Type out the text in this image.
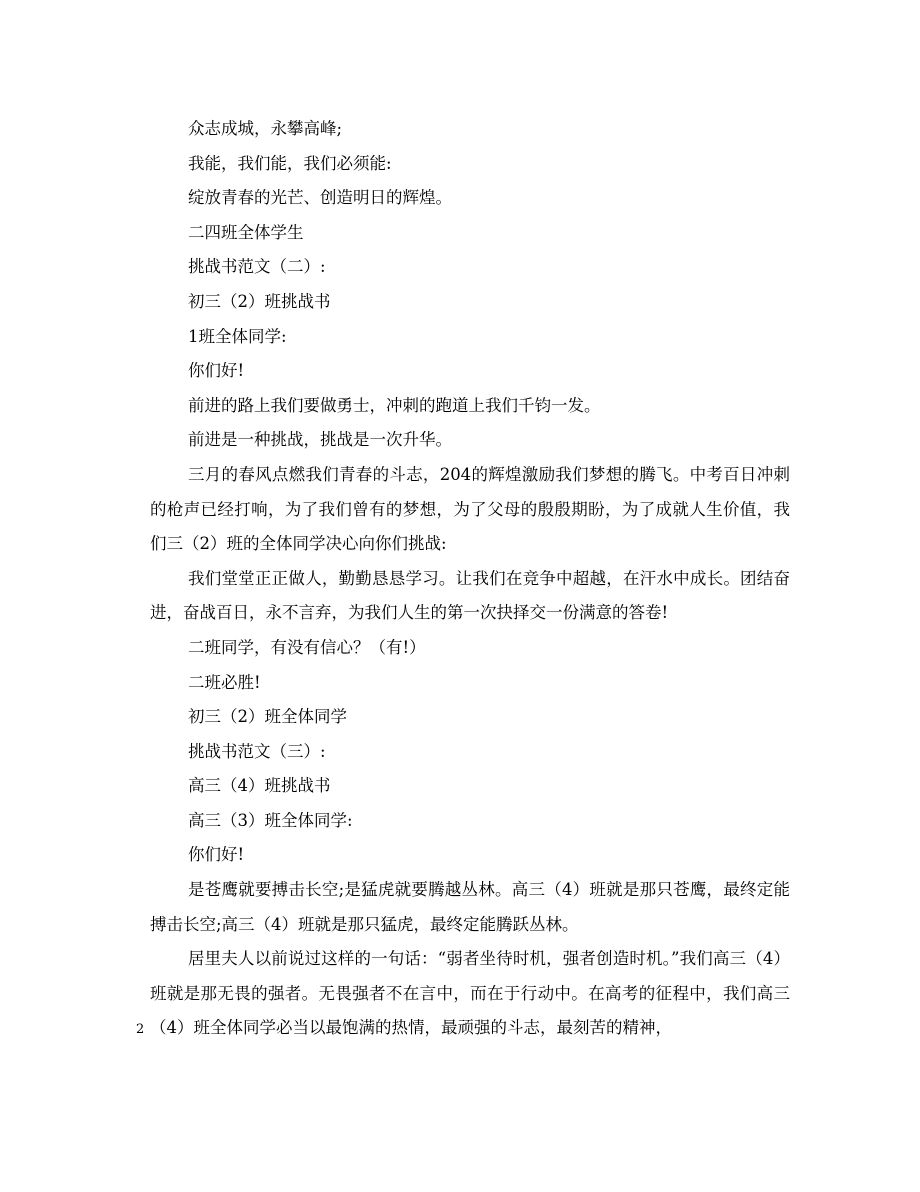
众志成城，永攀高峰;
我能，我们能，我们必须能:
绽放青春的光芒、创造明日的辉煌。
二四班全体学生
挑战书范文（二）:
初三（2）班挑战书
1班全体同学:
你们好!
前进的路上我们要做勇士，冲刺的跑道上我们千钧一发。
前进是一种挑战，挑战是一次升华。

三月的春风点燃我们青春的斗志，204的辉煌激励我们梦想的腾飞。中考百日冲刺的枪声已经打响，为了我们曾有的梦想，为了父母的殷殷期盼，为了成就人生价值，我们三（2）班的全体同学决心向你们挑战:

我们堂堂正正做人，勤勤恳恳学习。让我们在竞争中超越，在汗水中成长。团结奋进，奋战百日，永不言弃，为我们人生的第一次抉择交一份满意的答卷!

二班同学，有没有信心？（有!）
二班必胜!
初三（2）班全体同学
挑战书范文（三）:
高三（4）班挑战书
高三（3）班全体同学:
你们好!

是苍鹰就要搏击长空;是猛虎就要腾越丛林。高三（4）班就是那只苍鹰，最终定能搏击长空;高三（4）班就是那只猛虎，最终定能腾跃丛林。

居里夫人以前说过这样的一句话：“弱者坐待时机，强者创造时机。”我们高三（4）班就是那无畏的强者。无畏强者不在言中，而在于行动中。在高考的征程中，我们高三（4）班全体同学必当以最饱满的热情，最顽强的斗志，最刻苦的精神，

2
